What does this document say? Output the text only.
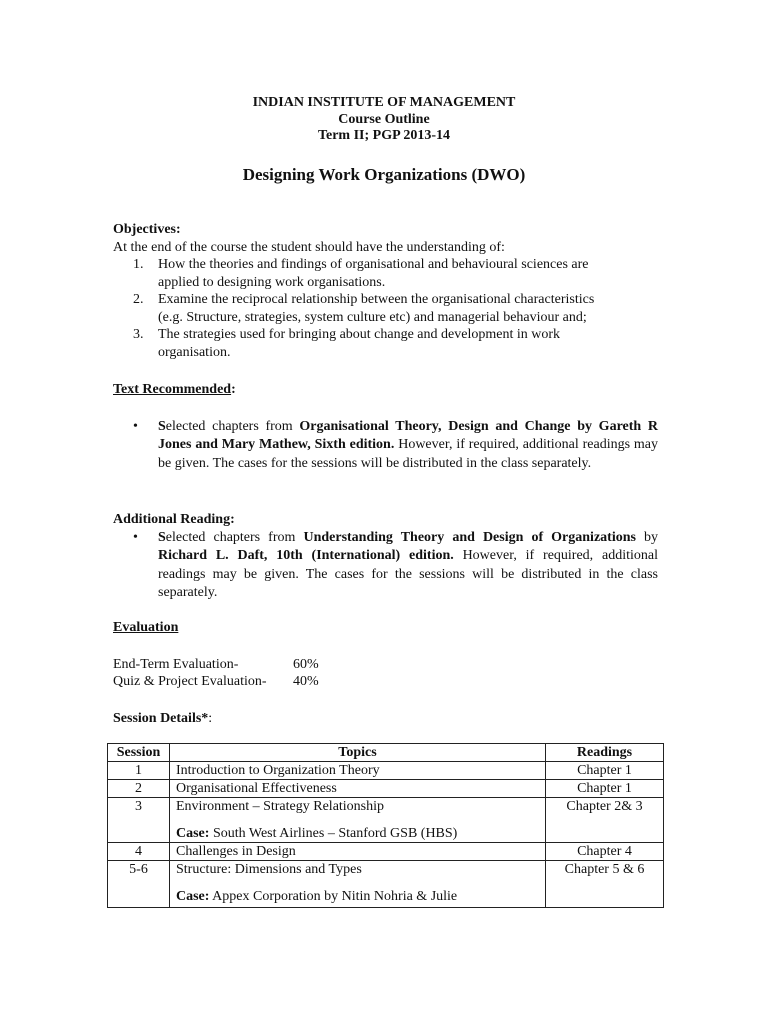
INDIAN INSTITUTE OF MANAGEMENT
Course Outline
Term II; PGP 2013-14
Designing Work Organizations (DWO)
Objectives:
At the end of the course the student should have the understanding of:
1. How the theories and findings of organisational and behavioural sciences are
applied to designing work organisations.
2. Examine the reciprocal relationship between the organisational characteristics
(e.g. Structure, strategies, system culture etc) and managerial behaviour and;
3. The strategies used for bringing about change and development in work
organisation.
Text Recommended:
• Selected chapters from Organisational Theory, Design and Change by Gareth R Jones and Mary Mathew, Sixth edition. However, if required, additional readings may be given. The cases for the sessions will be distributed in the class separately.
Additional Reading:
• Selected chapters from Understanding Theory and Design of Organizations by Richard L. Daft, 10th (International) edition. However, if required, additional readings may be given. The cases for the sessions will be distributed in the class separately.
Evaluation
End-Term Evaluation-	60%
Quiz & Project Evaluation-	40%
Session Details*:
Session	Topics	Readings
1	Introduction to Organization Theory	Chapter 1
2	Organisational Effectiveness	Chapter 1
3	Environment – Strategy Relationship
Case: South West Airlines – Stanford GSB (HBS)	Chapter 2& 3
4	Challenges in Design	Chapter 4
5-6	Structure: Dimensions and Types
Case: Appex Corporation by Nitin Nohria & Julie	Chapter 5 & 6
